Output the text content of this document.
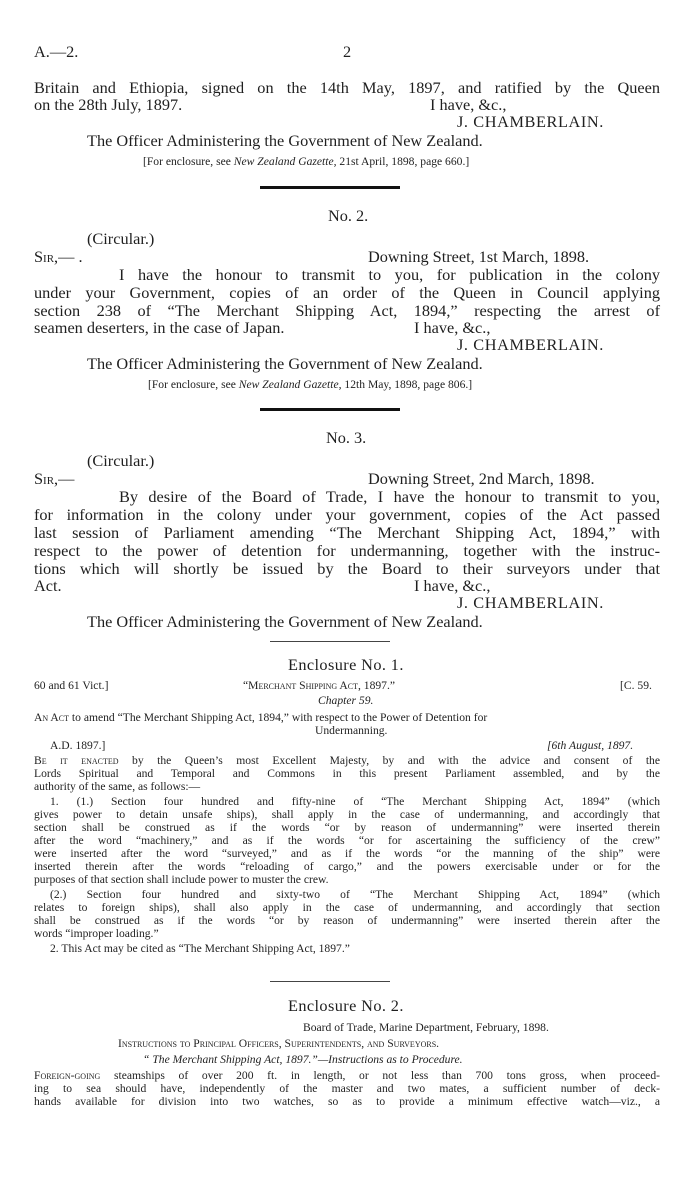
A.—2.	2
Britain and Ethiopia, signed on the 14th May, 1897, and ratified by the Queen
on the 28th July, 1897.	I have, &c.,
J. CHAMBERLAIN.
The Officer Administering the Government of New Zealand.
[For enclosure, see New Zealand Gazette, 21st April, 1898, page 660.]
No. 2.
(Circular.)
Sir,— .	Downing Street, 1st March, 1898.
I have the honour to transmit to you, for publication in the colony
under your Government, copies of an order of the Queen in Council applying
section 238 of “The Merchant Shipping Act, 1894,” respecting the arrest of
seamen deserters, in the case of Japan.	I have, &c.,
J. CHAMBERLAIN.
The Officer Administering the Government of New Zealand.
[For enclosure, see New Zealand Gazette, 12th May, 1898, page 806.]
No. 3.
(Circular.)
Sir,—	Downing Street, 2nd March, 1898.
By desire of the Board of Trade, I have the honour to transmit to you,
for information in the colony under your government, copies of the Act passed
last session of Parliament amending “The Merchant Shipping Act, 1894,” with
respect to the power of detention for undermanning, together with the instruc-
tions which will shortly be issued by the Board to their surveyors under that
Act.	I have, &c.,
J. CHAMBERLAIN.
The Officer Administering the Government of New Zealand.
Enclosure No. 1.
60 and 61 Vict.]	“Merchant Shipping Act, 1897.”	[C. 59.
Chapter 59.
An Act to amend “The Merchant Shipping Act, 1894,” with respect to the Power of Detention for
Undermanning.
A.D. 1897.]	[6th August, 1897.
Be it enacted by the Queen’s most Excellent Majesty, by and with the advice and consent of the
Lords Spiritual and Temporal and Commons in this present Parliament assembled, and by the
authority of the same, as follows:—
1. (1.) Section four hundred and fifty-nine of “The Merchant Shipping Act, 1894” (which
gives power to detain unsafe ships), shall apply in the case of undermanning, and accordingly that
section shall be construed as if the words “or by reason of undermanning” were inserted therein
after the word “machinery,” and as if the words “or for ascertaining the sufficiency of the crew”
were inserted after the word “surveyed,” and as if the words “or the manning of the ship” were
inserted therein after the words “reloading of cargo,” and the powers exercisable under or for the
purposes of that section shall include power to muster the crew.
(2.) Section four hundred and sixty-two of “The Merchant Shipping Act, 1894” (which
relates to foreign ships), shall also apply in the case of undermanning, and accordingly that section
shall be construed as if the words “or by reason of undermanning” were inserted therein after the
words “improper loading.”
2. This Act may be cited as “The Merchant Shipping Act, 1897.”
Enclosure No. 2.
Board of Trade, Marine Department, February, 1898.
Instructions to Principal Officers, Superintendents, and Surveyors.
“ The Merchant Shipping Act, 1897.”—Instructions as to Procedure.
Foreign-going steamships of over 200 ft. in length, or not less than 700 tons gross, when proceed-
ing to sea should have, independently of the master and two mates, a sufficient number of deck-
hands available for division into two watches, so as to provide a minimum effective watch—viz., a
